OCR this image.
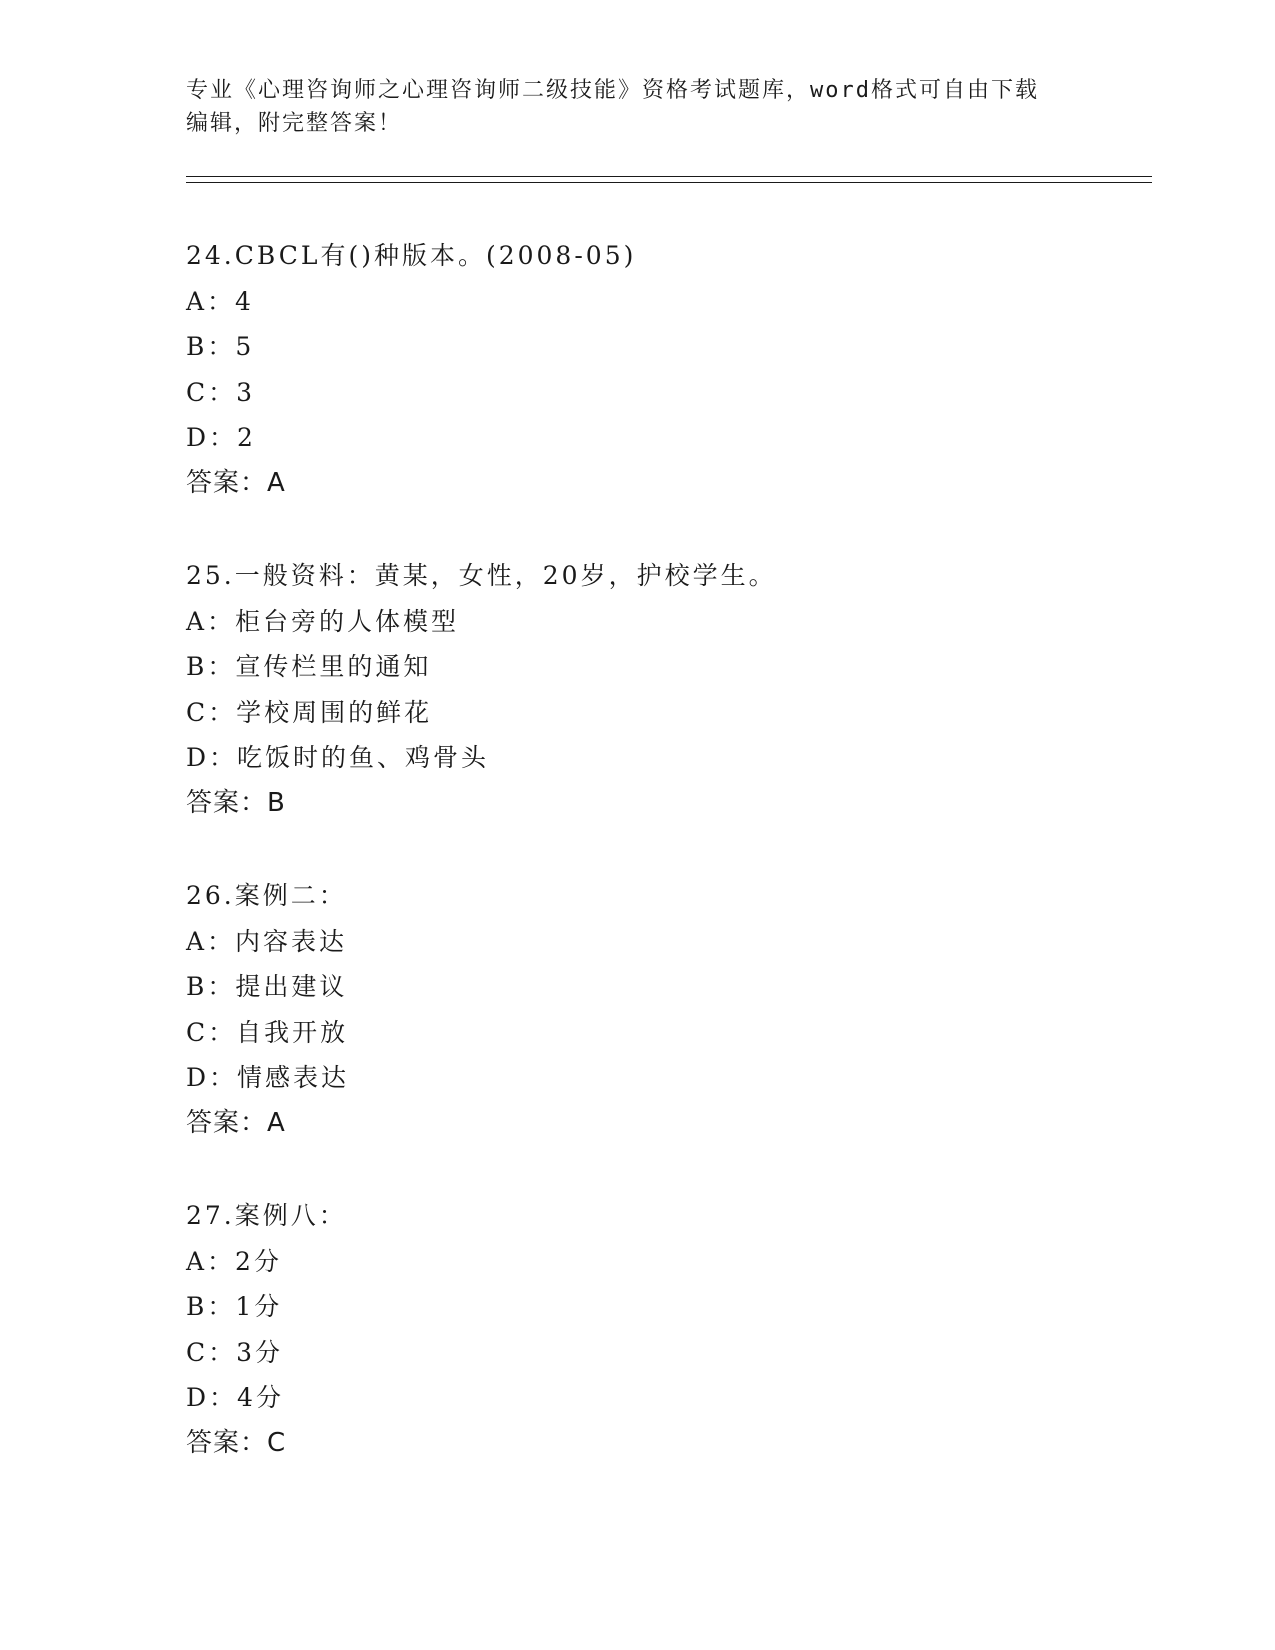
专业《心理咨询师之心理咨询师二级技能》资格考试题库，word格式可自由下载
编辑，附完整答案！
24.CBCL有()种版本。(2008-05)
A：4
B：5
C：3
D：2
答案：A
25.一般资料：黄某，女性，20岁，护校学生。
A：柜台旁的人体模型
B：宣传栏里的通知
C：学校周围的鲜花
D：吃饭时的鱼、鸡骨头
答案：B
26.案例二：
A：内容表达
B：提出建议
C：自我开放
D：情感表达
答案：A
27.案例八：
A：2分
B：1分
C：3分
D：4分
答案：C
